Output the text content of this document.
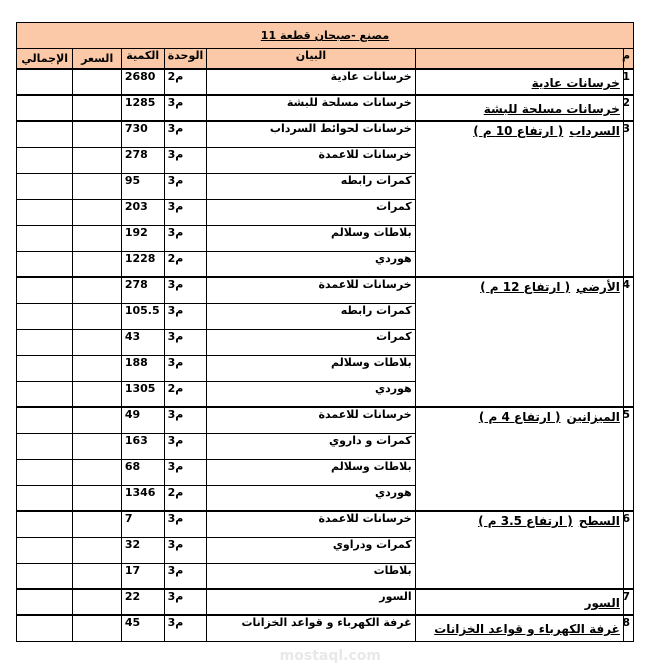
مصنع -صبحان قطعة 11						
م		البيان	الوحدة	الكمية	السعر	الإجمالي
1	خرسانات عادية	خرسانات عادية	م2	2680		
2	خرسانات مسلحة للبشة	خرسانات مسلحة للبشة	م3	1285		
3	السرداب( ارتفاع 10 م )	خرسانات لحوائط السرداب	م3	730		
		خرسانات للاعمدة	م3	278		
		كمرات رابطه	م3	95		
		كمرات	م3	203		
		بلاطات وسلالم	م3	192		
		هوردي	م2	1228		
4	الأرضي( ارتفاع 12 م )	خرسانات للاعمدة	م3	278		
		كمرات رابطه	م3	105.5		
		كمرات	م3	43		
		بلاطات وسلالم	م3	188		
		هوردي	م2	1305		
5	الميزانين( ارتفاع 4 م )	خرسانات للاعمدة	م3	49		
		كمرات و داروي	م3	163		
		بلاطات وسلالم	م3	68		
		هوردي	م2	1346		
6	السطح( ارتفاع 3.5 م )	خرسانات للاعمدة	م3	7		
		كمرات ودراوي	م3	32		
		بلاطات	م3	17		
7	السور	السور	م3	22		
8	غرفة الكهرباء و قواعد الخزانات	غرفة الكهرباء و قواعد الخزانات	م3	45		
mostaql.com
